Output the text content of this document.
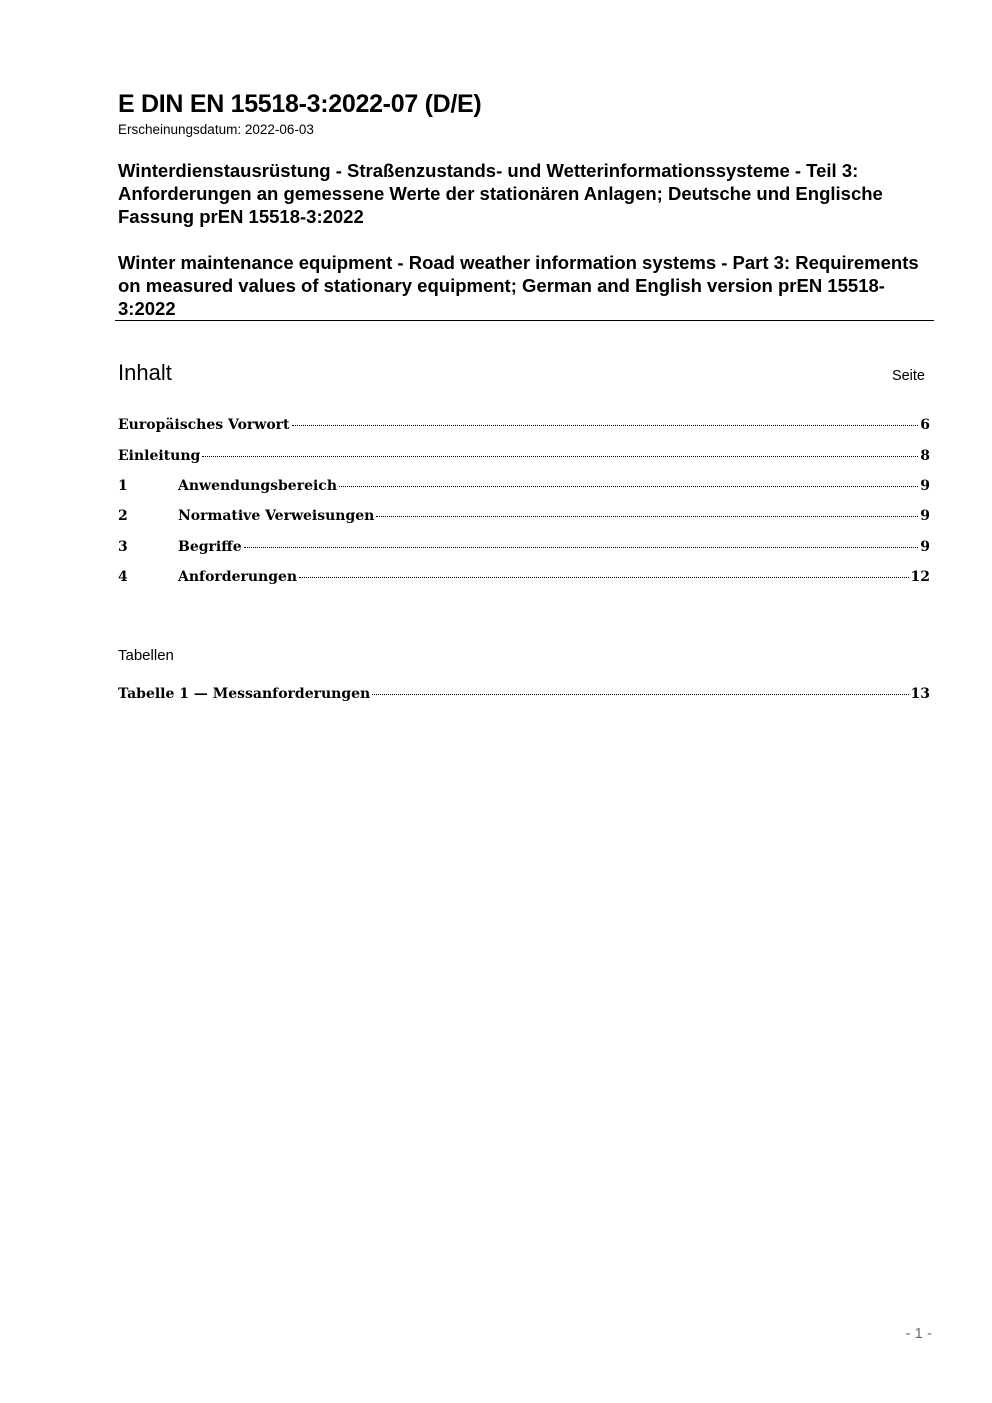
E DIN EN 15518-3:2022-07 (D/E)
Erscheinungsdatum: 2022-06-03
Winterdienstausrüstung - Straßenzustands- und Wetterinformationssysteme - Teil 3: Anforderungen an gemessene Werte der stationären Anlagen; Deutsche und Englische Fassung prEN 15518-3:2022
Winter maintenance equipment - Road weather information systems - Part 3: Requirements on measured values of stationary equipment; German and English version prEN 15518-3:2022
Inhalt	Seite
Europäisches Vorwort	6
Einleitung	8
1	Anwendungsbereich	9
2	Normative Verweisungen	9
3	Begriffe	9
4	Anforderungen	12
Tabellen
Tabelle 1 — Messanforderungen	13
- 1 -
